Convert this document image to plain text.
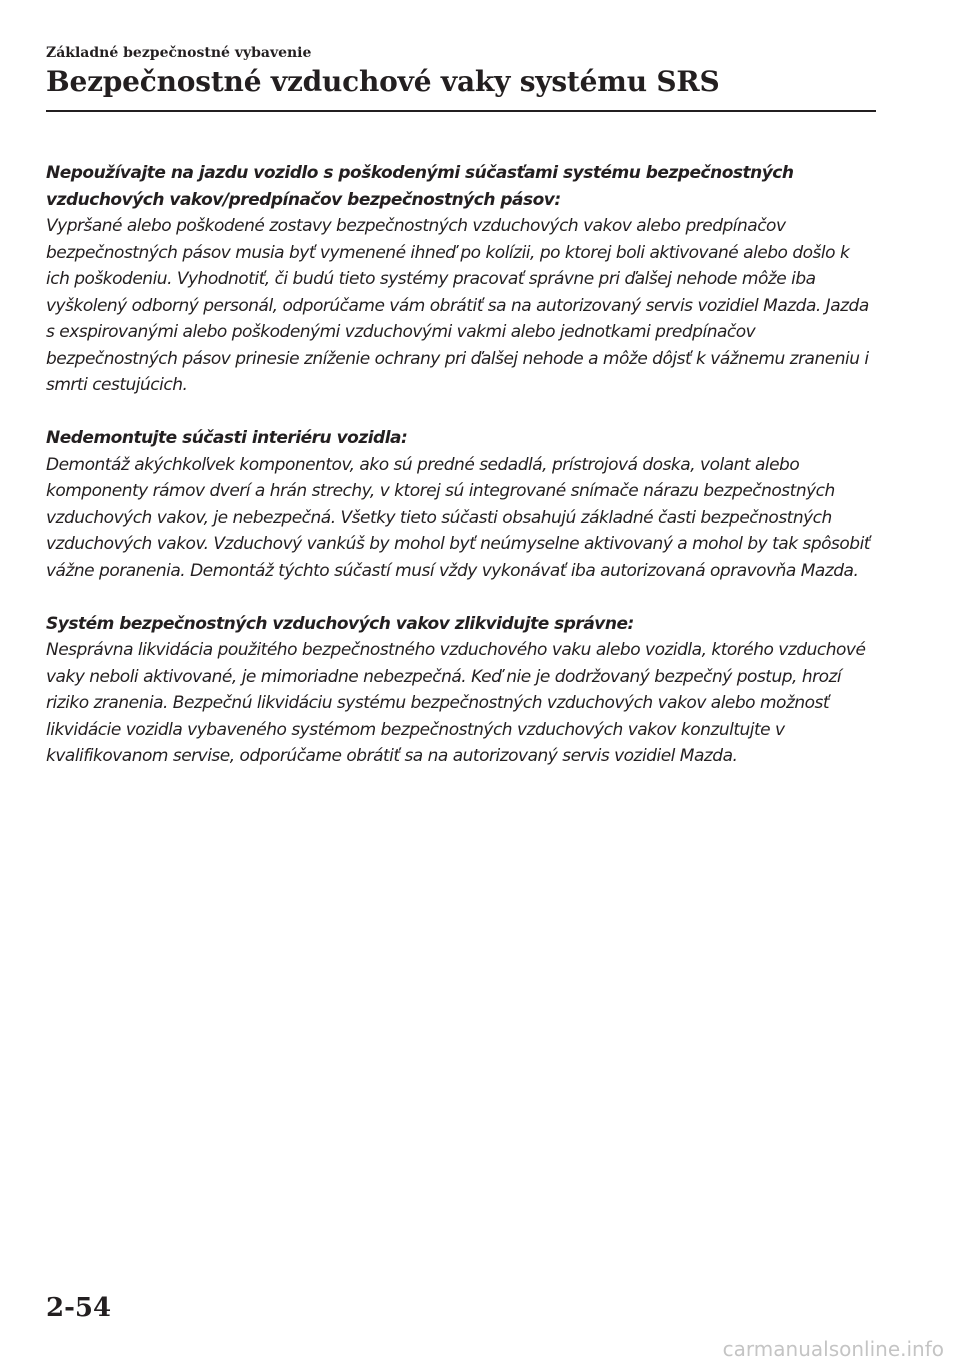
Základné bezpečnostné vybavenie

Bezpečnostné vzduchové vaky systému SRS

Nepoužívajte na jazdu vozidlo s poškodenými súčasťami systému bezpečnostných vzduchových vakov/predpínačov bezpečnostných pásov:

Vypršané alebo poškodené zostavy bezpečnostných vzduchových vakov alebo predpínačov bezpečnostných pásov musia byť vymenené ihneď po kolízii, po ktorej boli aktivované alebo došlo k ich poškodeniu. Vyhodnotiť, či budú tieto systémy pracovať správne pri ďalšej nehode môže iba vyškolený odborný personál, odporúčame vám obrátiť sa na autorizovaný servis vozidiel Mazda. Jazda s exspirovanými alebo poškodenými vzduchovými vakmi alebo jednotkami predpínačov bezpečnostných pásov prinesie zníženie ochrany pri ďalšej nehode a môže dôjsť k vážnemu zraneniu i smrti cestujúcich.

Nedemontujte súčasti interiéru vozidla:

Demontáž akýchkoľvek komponentov, ako sú predné sedadlá, prístrojová doska, volant alebo komponenty rámov dverí a hrán strechy, v ktorej sú integrované snímače nárazu bezpečnostných vzduchových vakov, je nebezpečná. Všetky tieto súčasti obsahujú základné časti bezpečnostných vzduchových vakov. Vzduchový vankúš by mohol byť neúmyselne aktivovaný a mohol by tak spôsobiť vážne poranenia. Demontáž týchto súčastí musí vždy vykonávať iba autorizovaná opravovňa Mazda.

Systém bezpečnostných vzduchových vakov zlikvidujte správne:

Nesprávna likvidácia použitého bezpečnostného vzduchového vaku alebo vozidla, ktorého vzduchové vaky neboli aktivované, je mimoriadne nebezpečná. Keď nie je dodržovaný bezpečný postup, hrozí riziko zranenia. Bezpečnú likvidáciu systému bezpečnostných vzduchových vakov alebo možnosť likvidácie vozidla vybaveného systémom bezpečnostných vzduchových vakov konzultujte v kvalifikovanom servise, odporúčame obrátiť sa na autorizovaný servis vozidiel Mazda.

2-54

carmanualsonline.info
